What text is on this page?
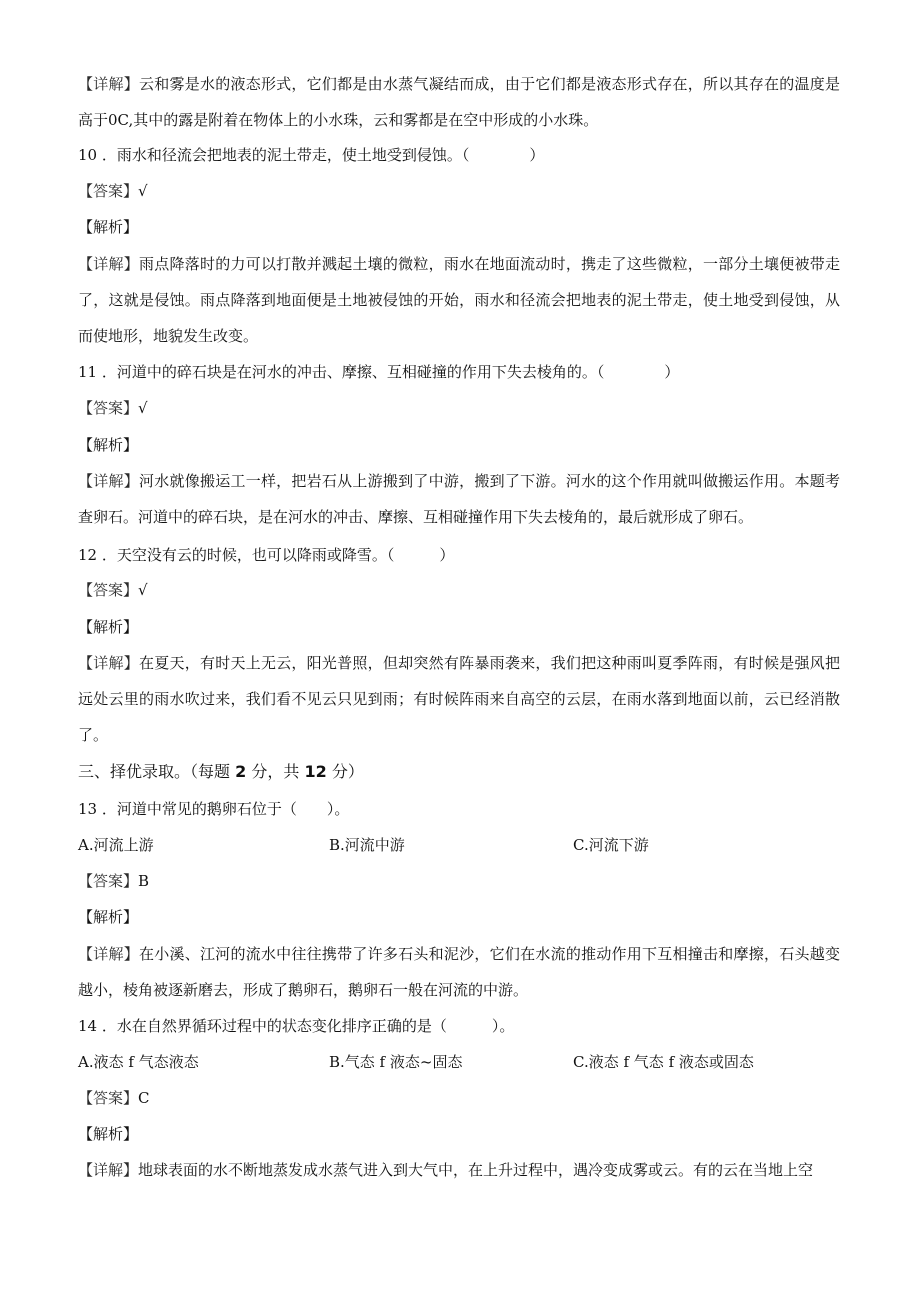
【详解】云和雾是水的液态形式，它们都是由水蒸气凝结而成，由于它们都是液态形式存在，所以其存在的温度是高于0C,其中的露是附着在物体上的小水珠，云和雾都是在空中形成的小水珠。
10 ．雨水和径流会把地表的泥土带走，使土地受到侵蚀。（　　　　）
【答案】√
【解析】
【详解】雨点降落时的力可以打散并溅起土壤的微粒，雨水在地面流动时，携走了这些微粒，一部分土壤便被带走了，这就是侵蚀。雨点降落到地面便是土地被侵蚀的开始，雨水和径流会把地表的泥土带走，使土地受到侵蚀，从而使地形，地貌发生改变。
11 ．河道中的碎石块是在河水的冲击、摩擦、互相碰撞的作用下失去棱角的。（　　　　）
【答案】√
【解析】
【详解】河水就像搬运工一样，把岩石从上游搬到了中游，搬到了下游。河水的这个作用就叫做搬运作用。本题考查卵石。河道中的碎石块，是在河水的冲击、摩擦、互相碰撞作用下失去棱角的，最后就形成了卵石。
12 ．天空没有云的时候，也可以降雨或降雪。（　　　）
【答案】√
【解析】
【详解】在夏天，有时天上无云，阳光普照，但却突然有阵暴雨袭来，我们把这种雨叫夏季阵雨，有时候是强风把远处云里的雨水吹过来，我们看不见云只见到雨；有时候阵雨来自高空的云层，在雨水落到地面以前，云已经消散了。
三、择优录取。（每题 2 分，共 12 分）
13 ．河道中常见的鹅卵石位于（　　）。
A.河流上游	B.河流中游	C.河流下游
【答案】B
【解析】
【详解】在小溪、江河的流水中往往携带了许多石头和泥沙，它们在水流的推动作用下互相撞击和摩擦，石头越变越小，棱角被逐新磨去，形成了鹅卵石，鹅卵石一般在河流的中游。
14 ．水在自然界循环过程中的状态变化排序正确的是（　　　）。
A.液态 f 气态液态	B.气态 f 液态~固态	C.液态 f 气态 f 液态或固态
【答案】C
【解析】
【详解】地球表面的水不断地蒸发成水蒸气进入到大气中，在上升过程中，遇冷变成雾或云。有的云在当地上空
